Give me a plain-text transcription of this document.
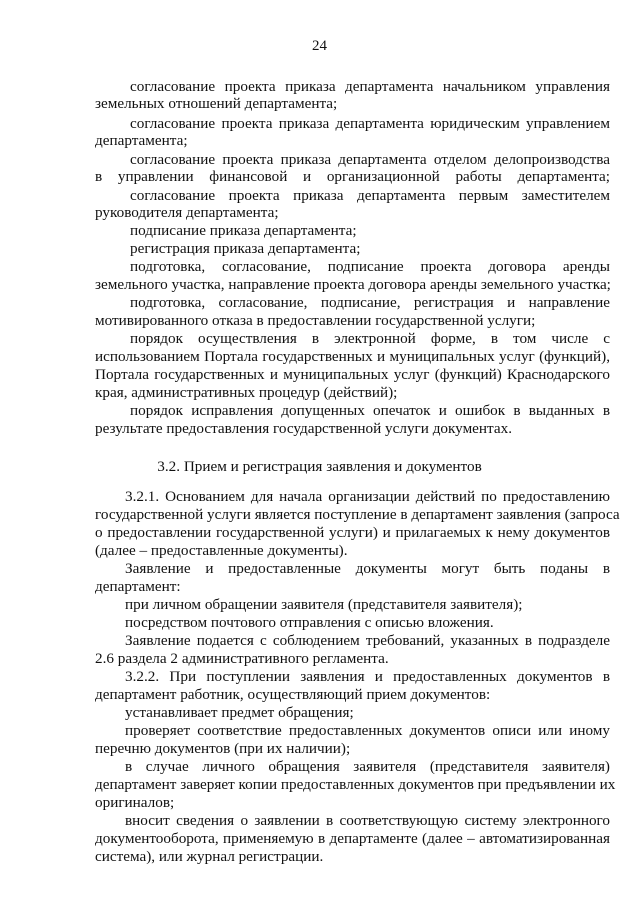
24
согласование проекта приказа департамента начальником управления
земельных отношений департамента;
согласование проекта приказа департамента юридическим управлением
департамента;
согласование проекта приказа департамента отделом делопроизводства
в управлении финансовой и организационной работы департамента;
согласование проекта приказа департамента первым заместителем
руководителя департамента;
подписание приказа департамента;
регистрация приказа департамента;
подготовка, согласование, подписание проекта договора аренды
земельного участка, направление проекта договора аренды земельного участка;
подготовка, согласование, подписание, регистрация и направление
мотивированного отказа в предоставлении государственной услуги;
порядок осуществления в электронной форме, в том числе с
использованием Портала государственных и муниципальных услуг (функций),
Портала государственных и муниципальных услуг (функций) Краснодарского
края, административных процедур (действий);
порядок исправления допущенных опечаток и ошибок в выданных в
результате предоставления государственной услуги документах.
3.2. Прием и регистрация заявления и документов
3.2.1. Основанием для начала организации действий по предоставлению
государственной услуги является поступление в департамент заявления (запроса
о предоставлении государственной услуги) и прилагаемых к нему документов
(далее – предоставленные документы).
Заявление и предоставленные документы могут быть поданы в
департамент:
при личном обращении заявителя (представителя заявителя);
посредством почтового отправления с описью вложения.
Заявление подается с соблюдением требований, указанных в подразделе
2.6 раздела 2 административного регламента.
3.2.2. При поступлении заявления и предоставленных документов в
департамент работник, осуществляющий прием документов:
устанавливает предмет обращения;
проверяет соответствие предоставленных документов описи или иному
перечню документов (при их наличии);
в случае личного обращения заявителя (представителя заявителя)
департамент заверяет копии предоставленных документов при предъявлении их
оригиналов;
вносит сведения о заявлении в соответствующую систему электронного
документооборота, применяемую в департаменте (далее – автоматизированная
система), или журнал регистрации.
